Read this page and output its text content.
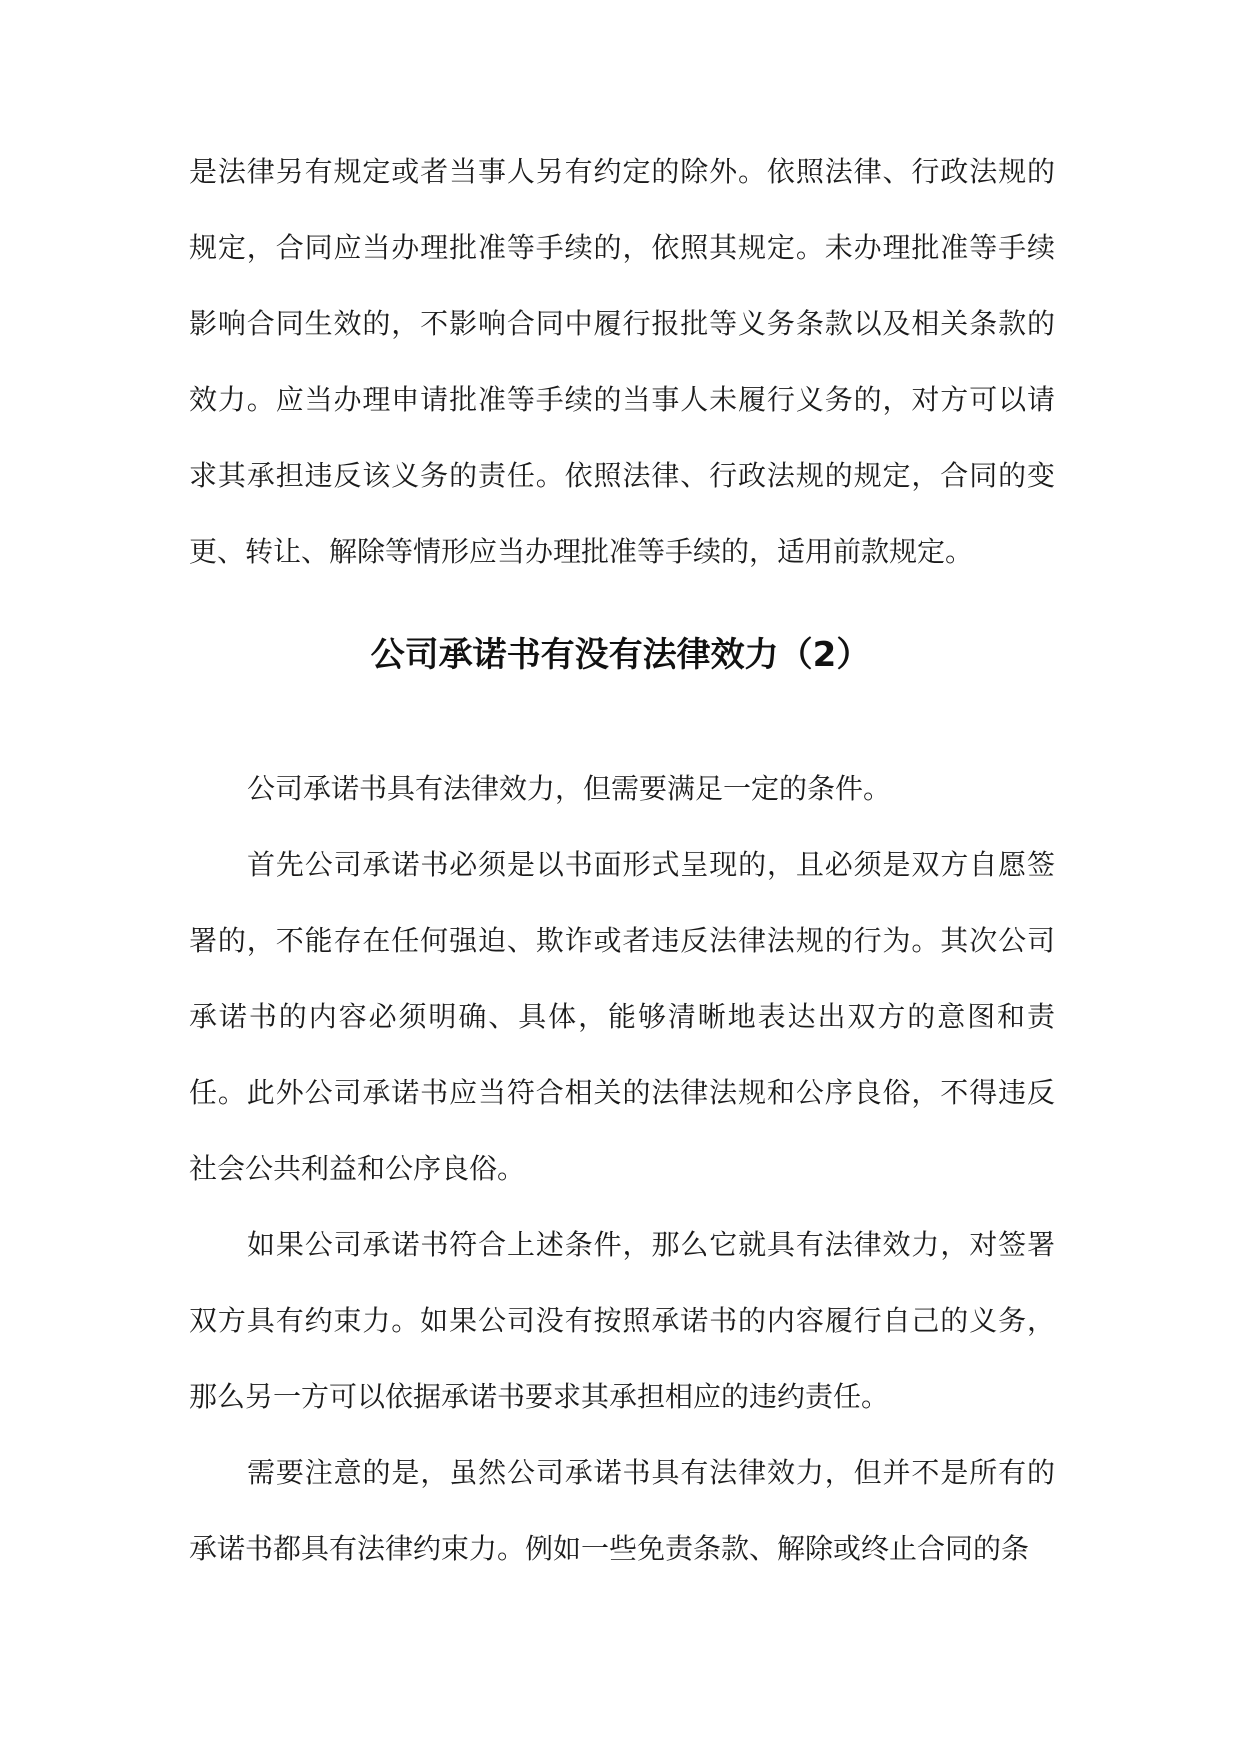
是法律另有规定或者当事人另有约定的除外。依照法律、行政法规的规定，合同应当办理批准等手续的，依照其规定。未办理批准等手续影响合同生效的，不影响合同中履行报批等义务条款以及相关条款的效力。应当办理申请批准等手续的当事人未履行义务的，对方可以请求其承担违反该义务的责任。依照法律、行政法规的规定，合同的变更、转让、解除等情形应当办理批准等手续的，适用前款规定。

公司承诺书有没有法律效力（2）

公司承诺书具有法律效力，但需要满足一定的条件。

首先公司承诺书必须是以书面形式呈现的，且必须是双方自愿签署的，不能存在任何强迫、欺诈或者违反法律法规的行为。其次公司承诺书的内容必须明确、具体，能够清晰地表达出双方的意图和责任。此外公司承诺书应当符合相关的法律法规和公序良俗，不得违反社会公共利益和公序良俗。

如果公司承诺书符合上述条件，那么它就具有法律效力，对签署双方具有约束力。如果公司没有按照承诺书的内容履行自己的义务，那么另一方可以依据承诺书要求其承担相应的违约责任。

需要注意的是，虽然公司承诺书具有法律效力，但并不是所有的承诺书都具有法律约束力。例如一些免责条款、解除或终止合同的条
